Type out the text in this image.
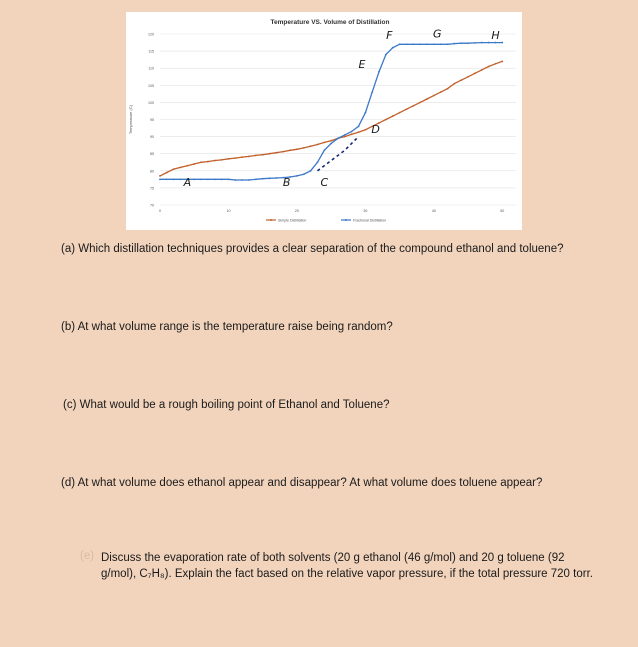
Temperature VS. Volume of Distillation
70
75
80
85
90
95
100
105
110
115
120
0	10	20	30	40	50
Temperature (C)
Simple Distillation	Fractional Distillation
A	B	C
D
E
F	G	H
(a) Which distillation techniques provides a clear separation of the compound ethanol and toluene?
(b) At what volume range is the temperature raise being random?
(c) What would be a rough boiling point of Ethanol and Toluene?
(d) At what volume does ethanol appear and disappear? At what volume does toluene appear?
(e) Discuss the evaporation rate of both solvents (20 g ethanol (46 g/mol) and 20 g toluene (92 g/mol), C₇H₈). Explain the fact based on the relative vapor pressure, if the total pressure 720 torr.
